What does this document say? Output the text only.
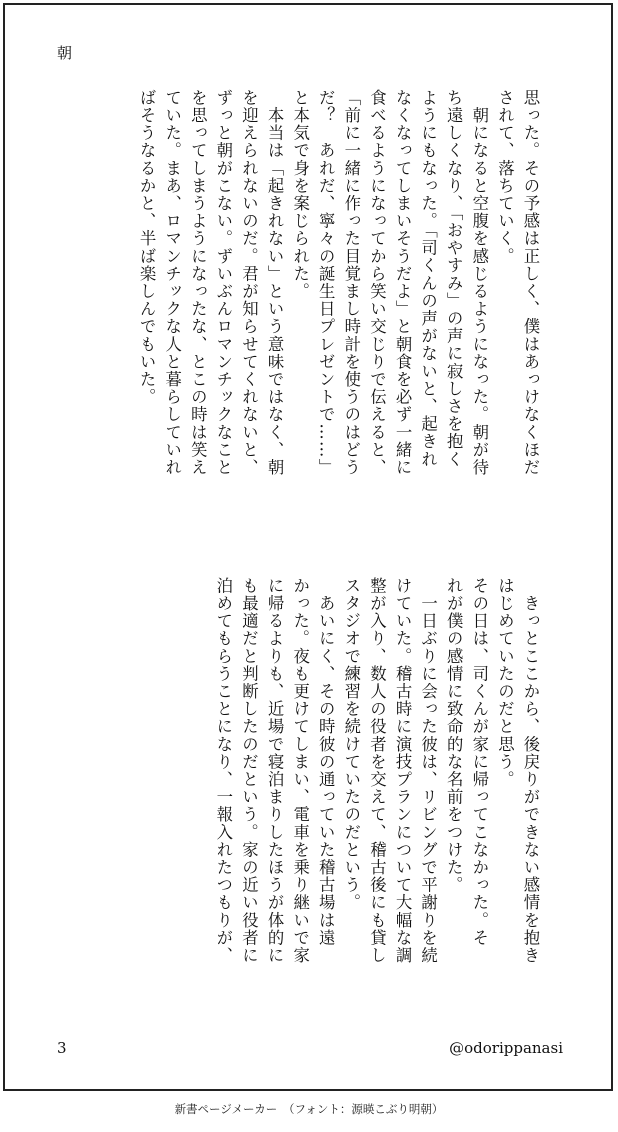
朝
思った。その予感は正しく、僕はあっけなくほだ
されて、落ちていく。
　朝になると空腹を感じるようになった。朝が待
ち遠しくなり、「おやすみ」の声に寂しさを抱く
ようにもなった。「司くんの声がないと、起きれ
なくなってしまいそうだよ」と朝食を必ず一緒に
食べるようになってから笑い交じりで伝えると、
「前に一緒に作った目覚まし時計を使うのはどう
だ？　あれだ、寧々の誕生日プレゼントで……」
と本気で身を案じられた。
　本当は「起きれない」という意味ではなく、朝
を迎えられないのだ。君が知らせてくれないと、
ずっと朝がこない。ずいぶんロマンチックなこと
を思ってしまうようになったな、とこの時は笑え
ていた。まあ、ロマンチックな人と暮らしていれ
ばそうなるかと、半ば楽しんでもいた。
　きっとここから、後戻りができない感情を抱き
はじめていたのだと思う。
その日は、司くんが家に帰ってこなかった。そ
れが僕の感情に致命的な名前をつけた。
　一日ぶりに会った彼は、リビングで平謝りを続
けていた。稽古時に演技プランについて大幅な調
整が入り、数人の役者を交えて、稽古後にも貸し
スタジオで練習を続けていたのだという。
　あいにく、その時彼の通っていた稽古場は遠
かった。夜も更けてしまい、電車を乗り継いで家
に帰るよりも、近場で寝泊まりしたほうが体的に
も最適だと判断したのだという。家の近い役者に
泊めてもらうことになり、一報入れたつもりが、
3	@odorippanasi
新書ページメーカー　（フォント：源暎こぶり明朝）
